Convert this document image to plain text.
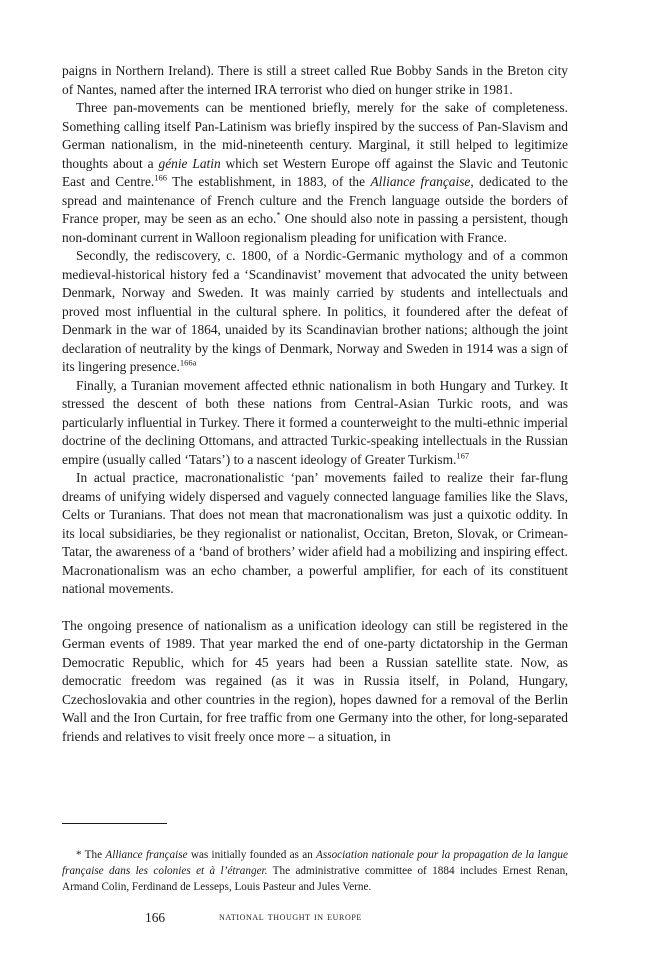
paigns in Northern Ireland). There is still a street called Rue Bobby Sands in the Breton city of Nantes, named after the interned IRA terrorist who died on hunger strike in 1981.

Three pan-movements can be mentioned briefly, merely for the sake of completeness. Something calling itself Pan-Latinism was briefly inspired by the success of Pan-Slavism and German nationalism, in the mid-nineteenth century. Marginal, it still helped to legitimize thoughts about a génie Latin which set Western Europe off against the Slavic and Teutonic East and Centre.$^{166}$ The establishment, in 1883, of the Alliance française, dedicated to the spread and maintenance of French culture and the French language outside the borders of France proper, may be seen as an echo.* One should also note in passing a persistent, though non-dominant current in Walloon regionalism pleading for unification with France.

Secondly, the rediscovery, c. 1800, of a Nordic-Germanic mythology and of a common medieval-historical history fed a ‘Scandinavist’ movement that advocated the unity between Denmark, Norway and Sweden. It was mainly carried by students and intellectuals and proved most influential in the cultural sphere. In politics, it foundered after the defeat of Denmark in the war of 1864, unaided by its Scandinavian brother nations; although the joint declaration of neutrality by the kings of Denmark, Norway and Sweden in 1914 was a sign of its lingering presence.$^{166a}$

Finally, a Turanian movement affected ethnic nationalism in both Hungary and Turkey. It stressed the descent of both these nations from Central-Asian Turkic roots, and was particularly influential in Turkey. There it formed a counterweight to the multi-ethnic imperial doctrine of the declining Ottomans, and attracted Turkic-speaking intellectuals in the Russian empire (usually called ‘Tatars’) to a nascent ideology of Greater Turkism.$^{167}$

In actual practice, macronationalistic ‘pan’ movements failed to realize their far-flung dreams of unifying widely dispersed and vaguely connected language families like the Slavs, Celts or Turanians. That does not mean that macronationalism was just a quixotic oddity. In its local subsidiaries, be they regionalist or nationalist, Occitan, Breton, Slovak, or Crimean-Tatar, the awareness of a ‘band of brothers’ wider afield had a mobilizing and inspiring effect. Macronationalism was an echo chamber, a powerful amplifier, for each of its constituent national movements.

The ongoing presence of nationalism as a unification ideology can still be registered in the German events of 1989. That year marked the end of one-party dictatorship in the German Democratic Republic, which for 45 years had been a Russian satellite state. Now, as democratic freedom was regained (as it was in Russia itself, in Poland, Hungary, Czechoslovakia and other countries in the region), hopes dawned for a removal of the Berlin Wall and the Iron Curtain, for free traffic from one Germany into the other, for long-separated friends and relatives to visit freely once more – a situation, in

* The Alliance française was initially founded as an Association nationale pour la propagation de la langue française dans les colonies et à l’étranger. The administrative committee of 1884 includes Ernest Renan, Armand Colin, Ferdinand de Lesseps, Louis Pasteur and Jules Verne.
166	national thought in europe
